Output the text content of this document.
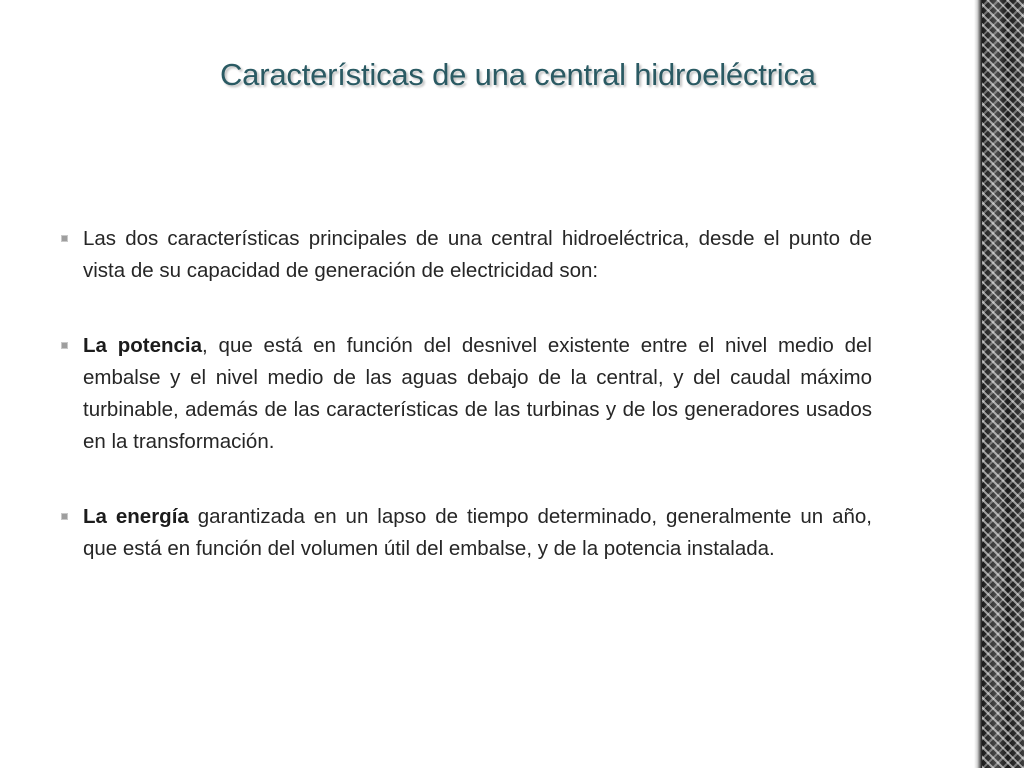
Características de una central hidroeléctrica
Las dos características principales de una central hidroeléctrica, desde el punto de vista de su capacidad de generación de electricidad son:
La potencia, que está en función del desnivel existente entre el nivel medio del embalse y el nivel medio de las aguas debajo de la central, y del caudal máximo turbinable, además de las características de las turbinas y de los generadores usados en la transformación.
La energía garantizada en un lapso de tiempo determinado, generalmente un año, que está en función del volumen útil del embalse, y de la potencia instalada.
